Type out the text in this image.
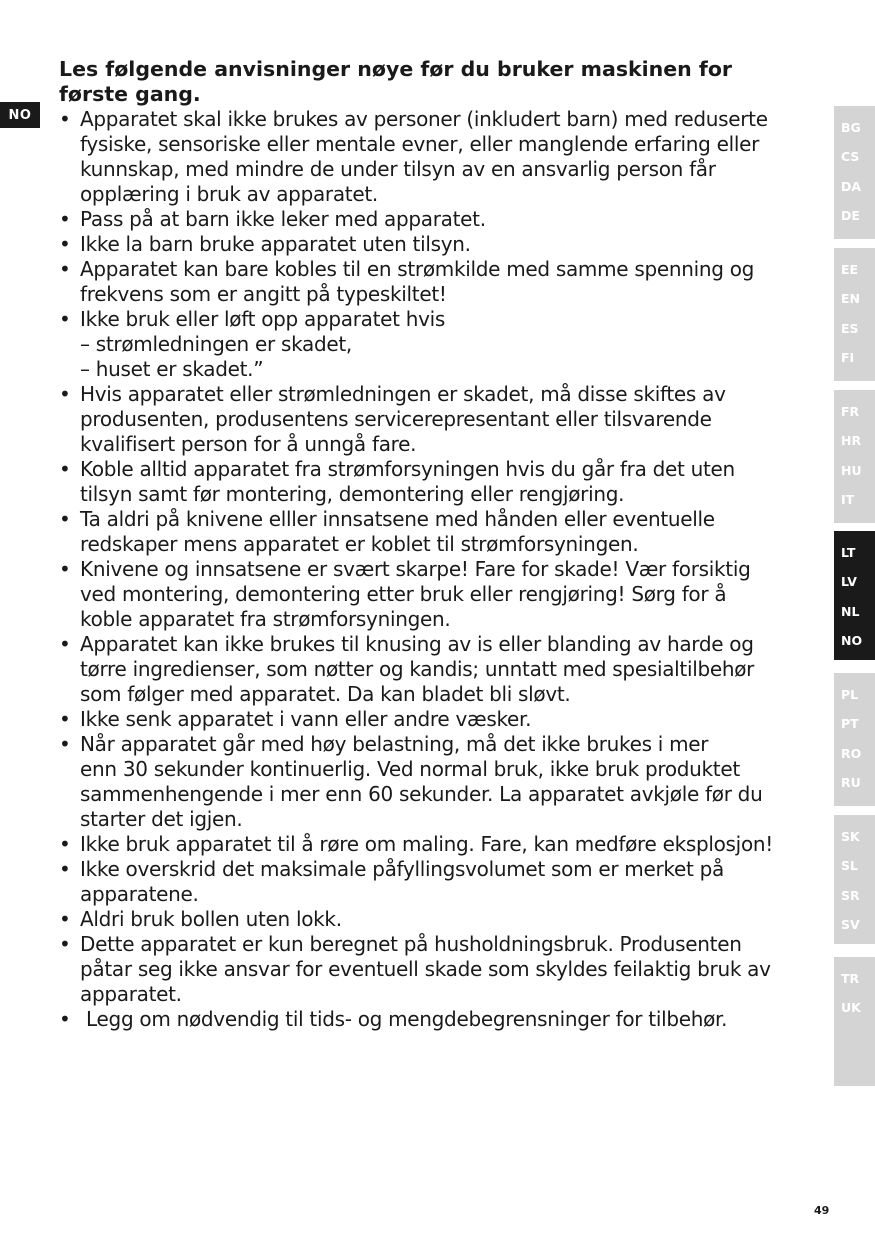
NO
Les følgende anvisninger nøye før du bruker maskinen for første gang.
• Apparatet skal ikke brukes av personer (inkludert barn) med reduserte
fysiske, sensoriske eller mentale evner, eller manglende erfaring eller
kunnskap, med mindre de under tilsyn av en ansvarlig person får
opplæring i bruk av apparatet.
• Pass på at barn ikke leker med apparatet.
• Ikke la barn bruke apparatet uten tilsyn.
• Apparatet kan bare kobles til en strømkilde med samme spenning og
frekvens som er angitt på typeskiltet!
• Ikke bruk eller løft opp apparatet hvis
– strømledningen er skadet,
– huset er skadet.”
• Hvis apparatet eller strømledningen er skadet, må disse skiftes av
produsenten, produsentens servicerepresentant eller tilsvarende
kvalifisert person for å unngå fare.
• Koble alltid apparatet fra strømforsyningen hvis du går fra det uten
tilsyn samt før montering, demontering eller rengjøring.
• Ta aldri på knivene elller innsatsene med hånden eller eventuelle
redskaper mens apparatet er koblet til strømforsyningen.
• Knivene og innsatsene er svært skarpe! Fare for skade! Vær forsiktig
ved montering, demontering etter bruk eller rengjøring! Sørg for å
koble apparatet fra strømforsyningen.
• Apparatet kan ikke brukes til knusing av is eller blanding av harde og
tørre ingredienser, som nøtter og kandis; unntatt med spesialtilbehør
som følger med apparatet. Da kan bladet bli sløvt.
• Ikke senk apparatet i vann eller andre væsker.
• Når apparatet går med høy belastning, må det ikke brukes i mer
enn 30 sekunder kontinuerlig. Ved normal bruk, ikke bruk produktet
sammenhengende i mer enn 60 sekunder. La apparatet avkjøle før du
starter det igjen.
• Ikke bruk apparatet til å røre om maling. Fare, kan medføre eksplosjon!
• Ikke overskrid det maksimale påfyllingsvolumet som er merket på
apparatene.
• Aldri bruk bollen uten lokk.
• Dette apparatet er kun beregnet på husholdningsbruk. Produsenten
påtar seg ikke ansvar for eventuell skade som skyldes feilaktig bruk av
apparatet.
• Legg om nødvendig til tids- og mengdebegrensninger for tilbehør.
BG
CS
DA
DE
EE
EN
ES
FI
FR
HR
HU
IT
LT
LV
NL
NO
PL
PT
RO
RU
SK
SL
SR
SV
TR
UK
49
